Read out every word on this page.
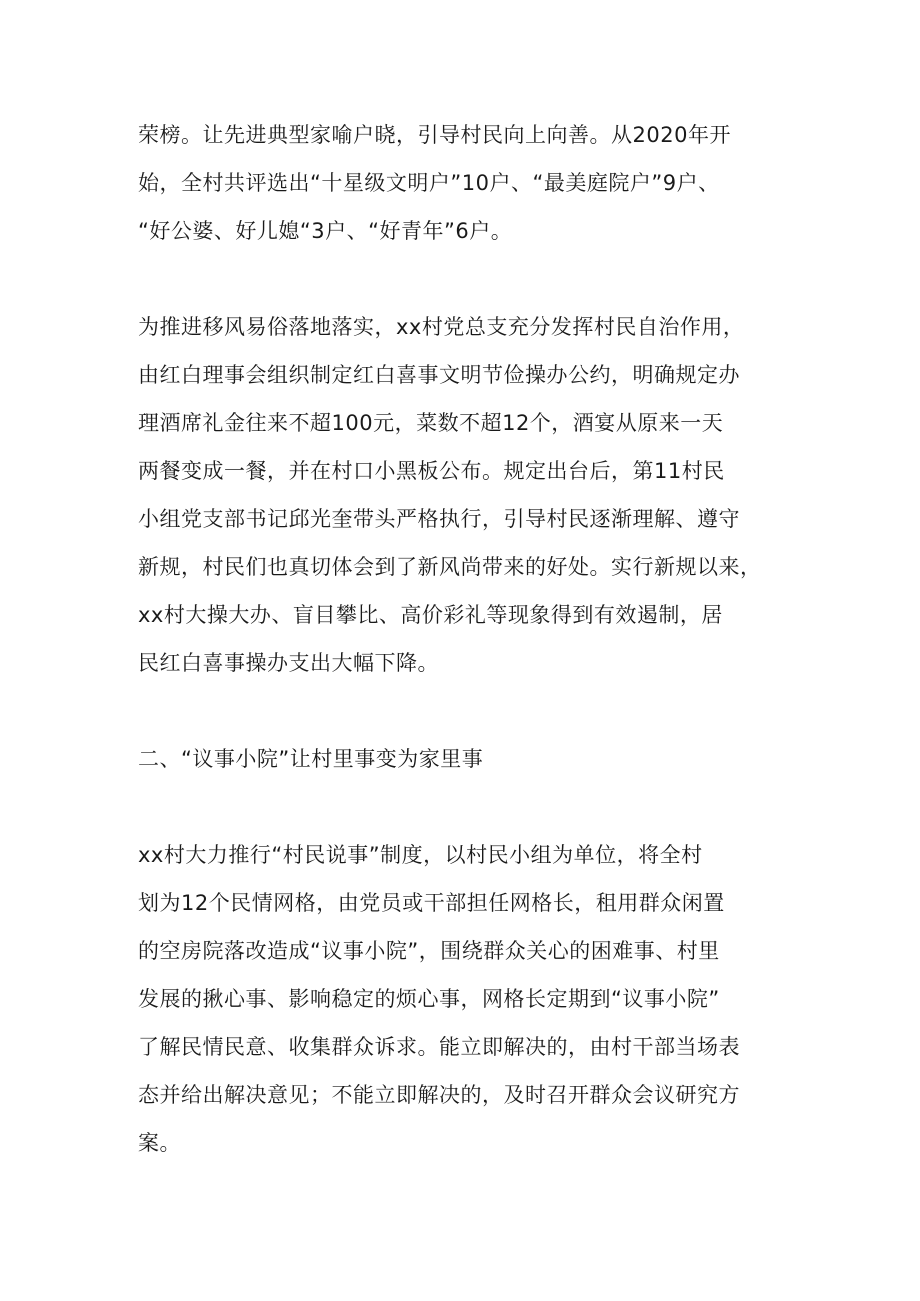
荣榜。让先进典型家喻户晓，引导村民向上向善。从2020年开
始，全村共评选出“十星级文明户”10户、“最美庭院户”9户、
“好公婆、好儿媳“3户、“好青年”6户。
为推进移风易俗落地落实，xx村党总支充分发挥村民自治作用，
由红白理事会组织制定红白喜事文明节俭操办公约，明确规定办
理酒席礼金往来不超100元，菜数不超12个，酒宴从原来一天
两餐变成一餐，并在村口小黑板公布。规定出台后，第11村民
小组党支部书记邱光奎带头严格执行，引导村民逐渐理解、遵守
新规，村民们也真切体会到了新风尚带来的好处。实行新规以来，
xx村大操大办、盲目攀比、高价彩礼等现象得到有效遏制，居
民红白喜事操办支出大幅下降。
二、“议事小院”让村里事变为家里事
xx村大力推行“村民说事”制度，以村民小组为单位，将全村
划为12个民情网格，由党员或干部担任网格长，租用群众闲置
的空房院落改造成“议事小院”，围绕群众关心的困难事、村里
发展的揪心事、影响稳定的烦心事，网格长定期到“议事小院”
了解民情民意、收集群众诉求。能立即解决的，由村干部当场表
态并给出解决意见；不能立即解决的，及时召开群众会议研究方
案。
